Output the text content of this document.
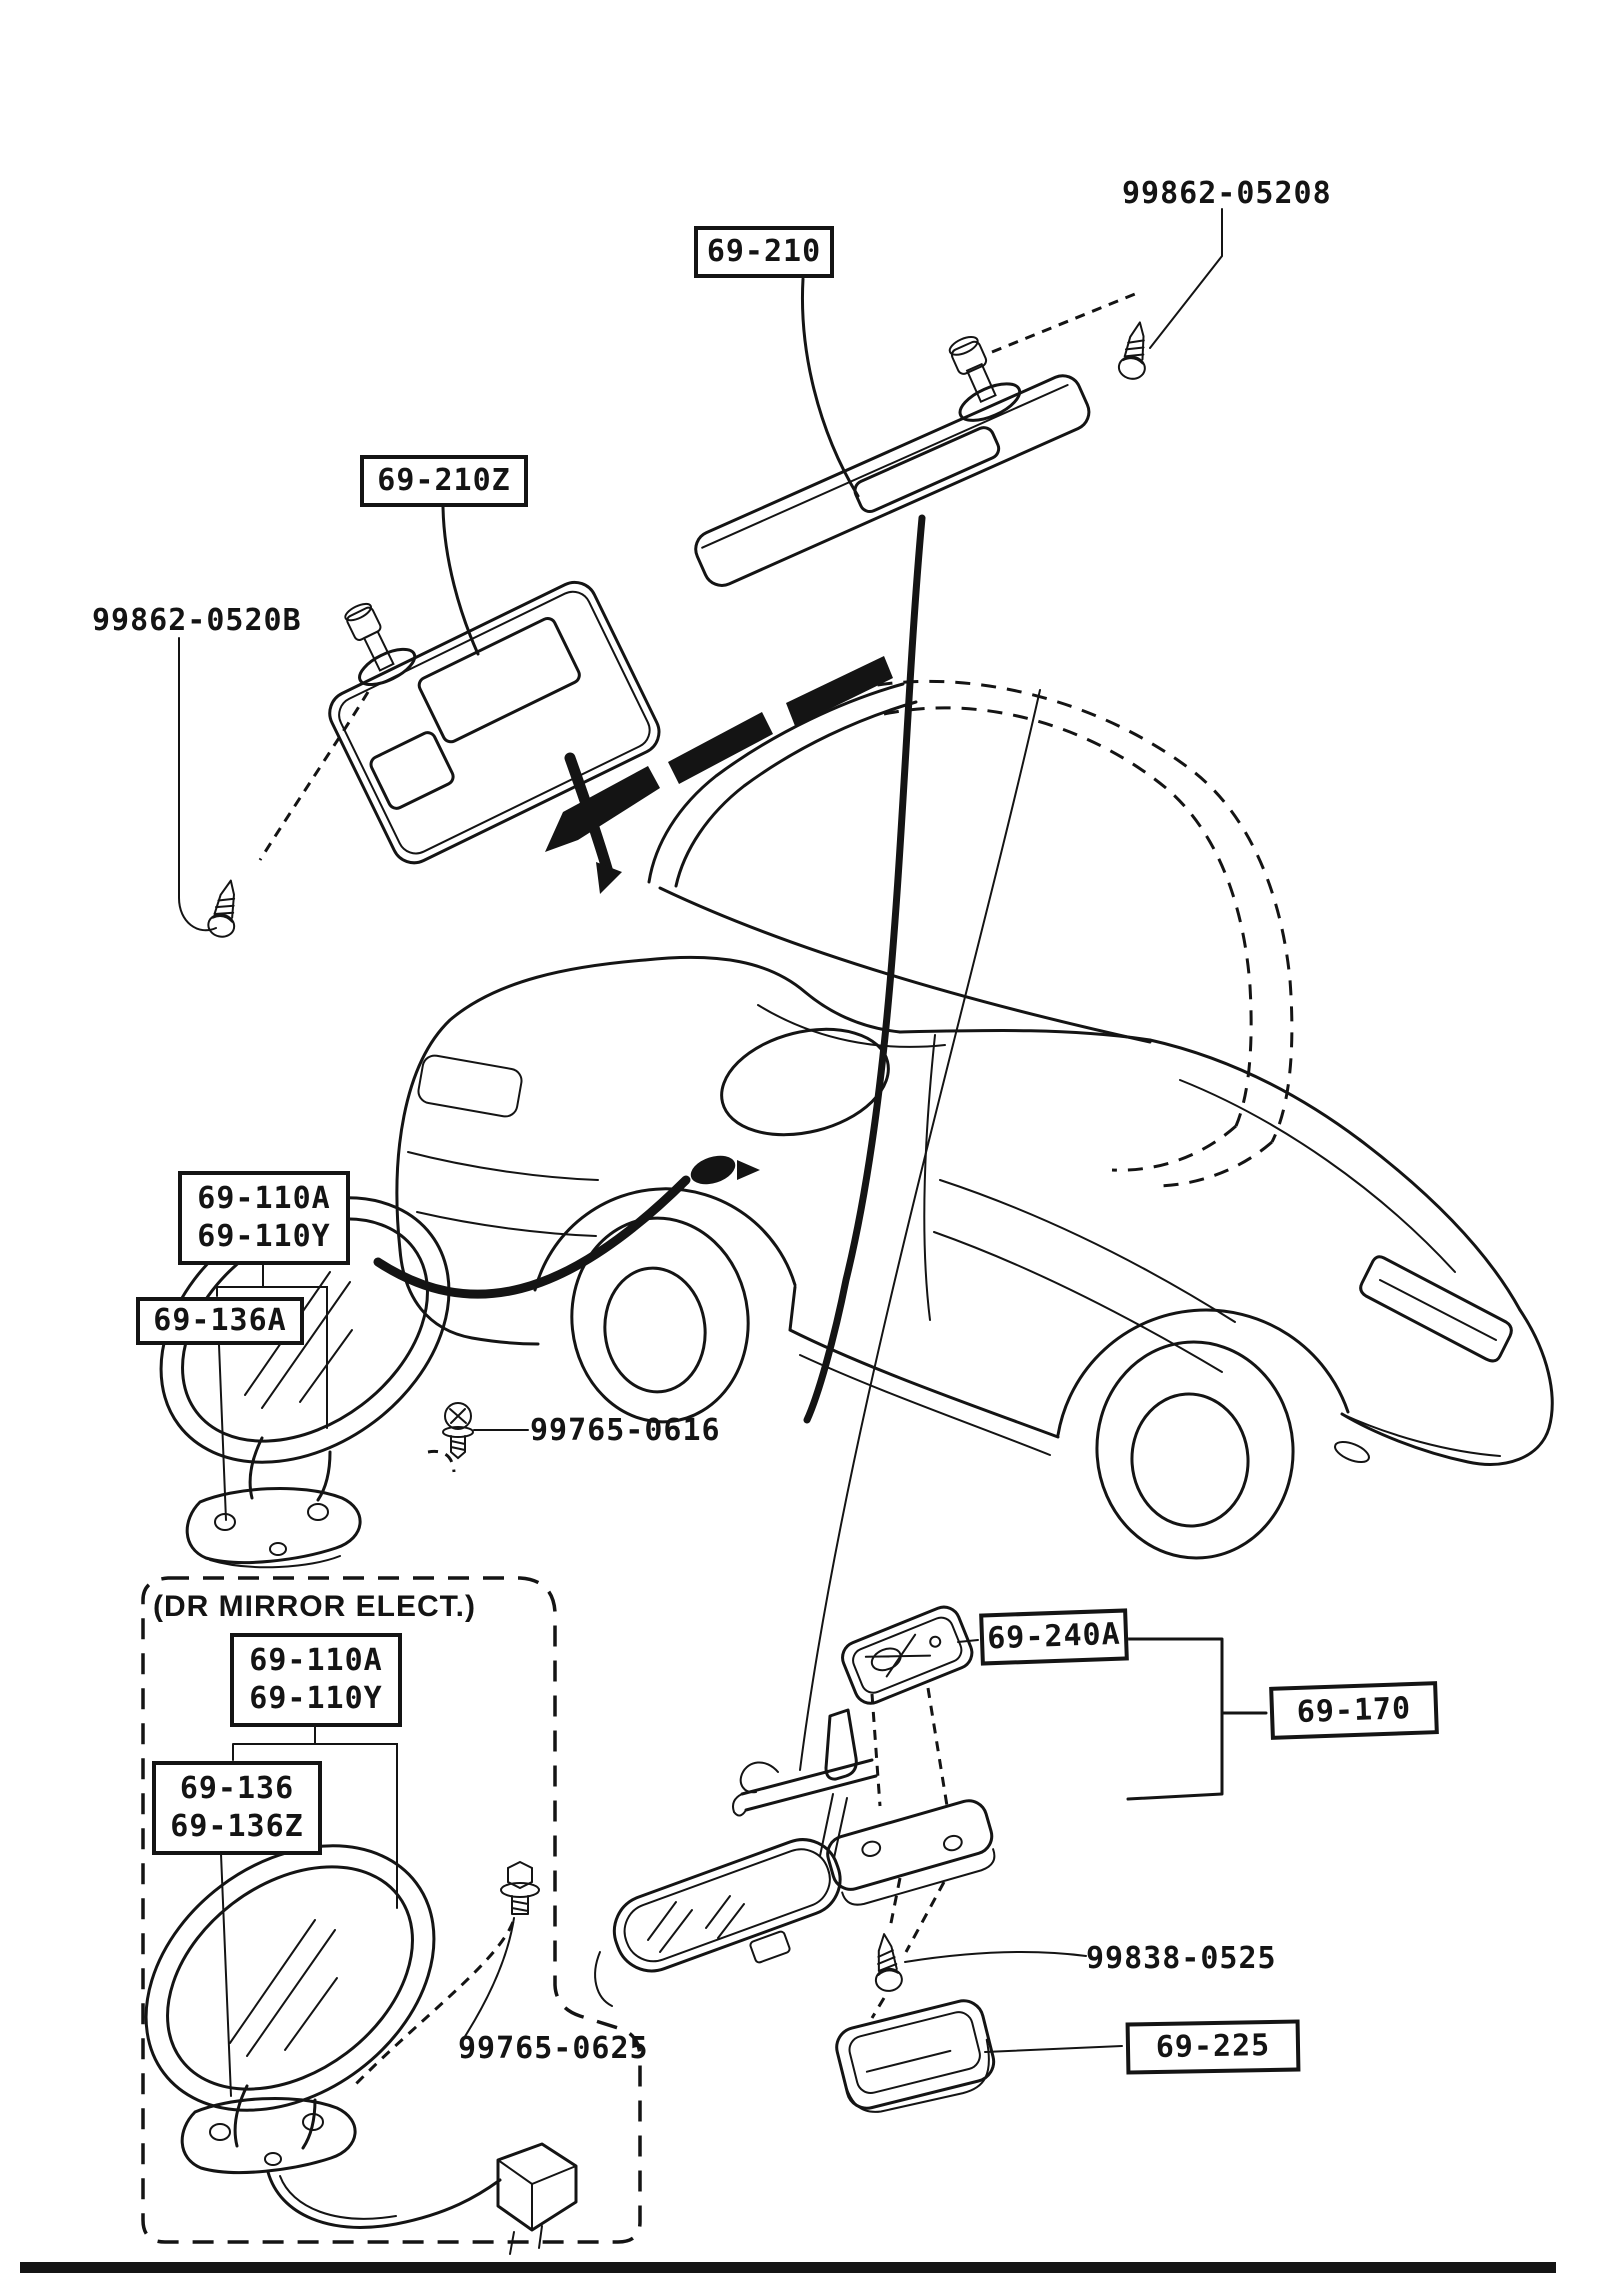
99862-05208
69-210
69-210Z
99862-0520B
69-110A
69-110Y
69-136A
99765-0616
(DR MIRROR ELECT.)
69-110A
69-110Y
69-136
69-136Z
99765-0625
69-240A
69-170
99838-0525
69-225
